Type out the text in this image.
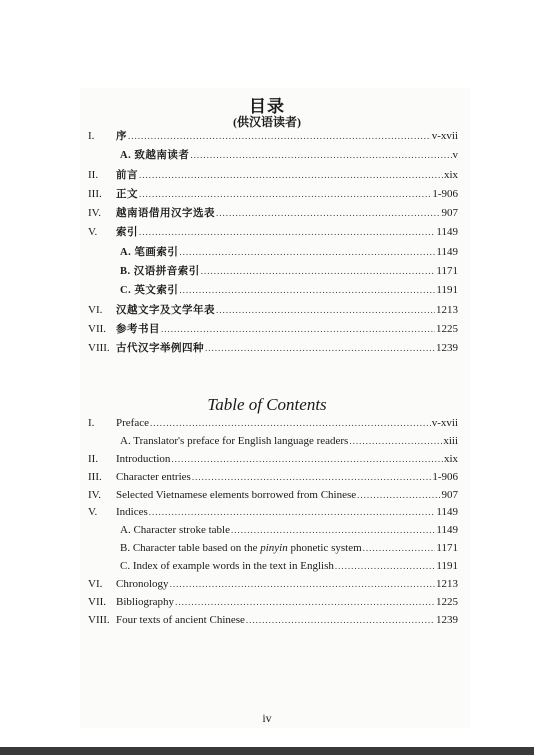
目录
(供汉语读者)
I.	序 .....	v-xvii
A. 致越南读者 .....	v
II.	前言 .....	xix
III.	正文 .....	1-906
IV.	越南语借用汉字选表 .....	907
V.	索引 .....	1149
A. 笔画索引 .....	1149
B. 汉语拼音索引 .....	1171
C. 英文索引 .....	1191
VI.	汉越文字及文学年表 .....	1213
VII. 参考书目 .....	1225
VIII. 古代汉字举例四种 .....	1239
Table of Contents
I.	Preface .....	v-xvii
A. Translator's preface for English language readers .....	xiii
II.	Introduction .....	xix
III.	Character entries .....	1-906
IV.	Selected Vietnamese elements borrowed from Chinese .....	907
V.	Indices .....	1149
A. Character stroke table .....	1149
B. Character table based on the pinyin phonetic system .....	1171
C. Index of example words in the text in English .....	1191
VI.	Chronology .....	1213
VII. Bibliography .....	1225
VIII. Four texts of ancient Chinese .....	1239
iv
